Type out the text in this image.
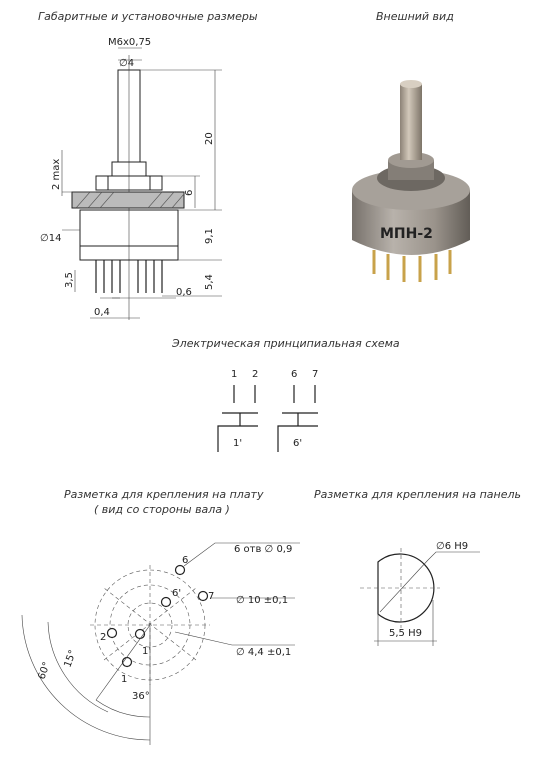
Габаритные и установочные размеры	Внешний вид
Электрическая принципиальная схема
Разметка для крепления на плату
( вид со стороны вала )
Разметка для крепления на панель
M6x0,75
∅4
20
6
9,1
5,4
2 max
∅14
3,5
0,6
0,4
МПН-2
1 2	6 7
1'	6'
6
6'	7
2
1'
1
6 отв ∅ 0,9
∅ 10 ±0,1
∅ 4,4 ±0,1
60°
15°
36°
∅6 H9
5,5 H9
